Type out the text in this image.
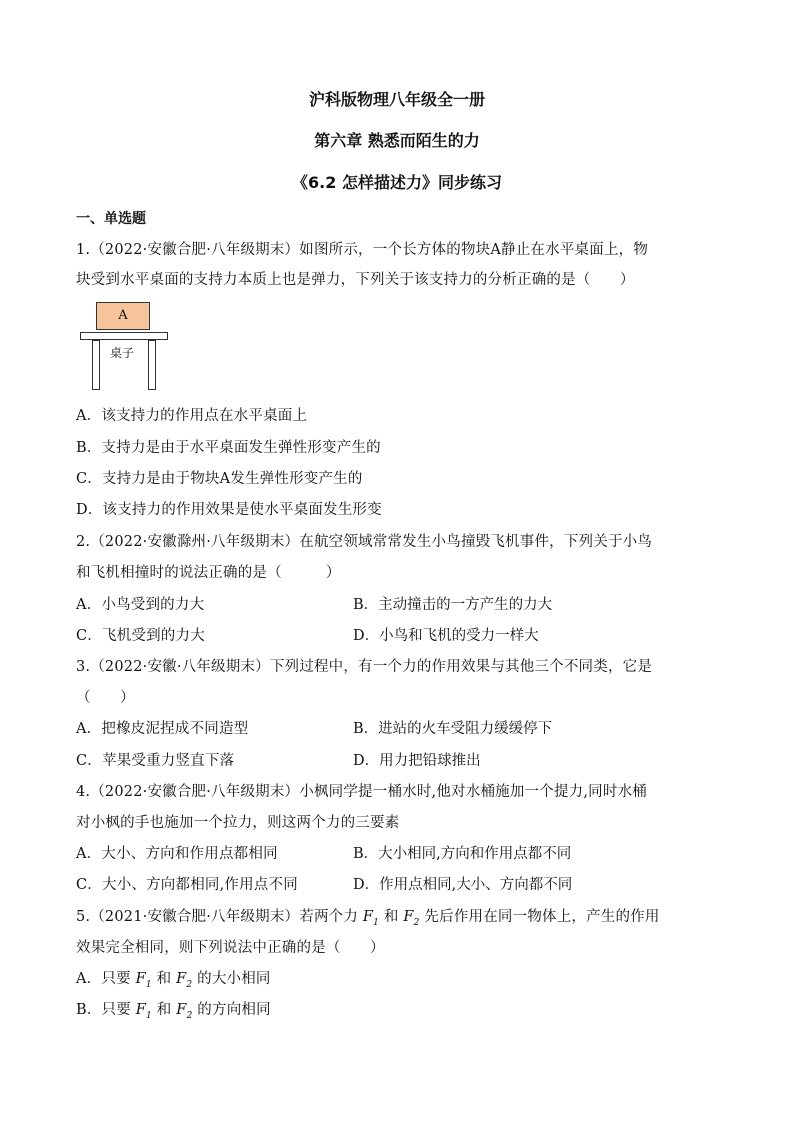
沪科版物理八年级全一册
第六章 熟悉而陌生的力
《6.2 怎样描述力》同步练习
一、单选题
1.（2022·安徽合肥·八年级期末）如图所示，一个长方体的物块A静止在水平桌面上，物
块受到水平桌面的支持力本质上也是弹力，下列关于该支持力的分析正确的是（　　）
A
桌子
A．该支持力的作用点在水平桌面上
B．支持力是由于水平桌面发生弹性形变产生的
C．支持力是由于物块A发生弹性形变产生的
D．该支持力的作用效果是使水平桌面发生形变
2.（2022·安徽滁州·八年级期末）在航空领域常常发生小鸟撞毁飞机事件，下列关于小鸟
和飞机相撞时的说法正确的是（　　　）
A．小鸟受到的力大	B．主动撞击的一方产生的力大
C．飞机受到的力大	D．小鸟和飞机的受力一样大
3.（2022·安徽·八年级期末）下列过程中，有一个力的作用效果与其他三个不同类，它是
（　　）
A．把橡皮泥捏成不同造型	B．进站的火车受阻力缓缓停下
C．苹果受重力竖直下落	D．用力把铅球推出
4.（2022·安徽合肥·八年级期末）小枫同学提一桶水时,他对水桶施加一个提力,同时水桶
对小枫的手也施加一个拉力，则这两个力的三要素
A．大小、方向和作用点都相同	B．大小相同,方向和作用点都不同
C．大小、方向都相同,作用点不同	D．作用点相同,大小、方向都不同
5.（2021·安徽合肥·八年级期末）若两个力 $F_1$ 和 $F_2$ 先后作用在同一物体上，产生的作用
效果完全相同，则下列说法中正确的是（　　）
A．只要 $F_1$ 和 $F_2$ 的大小相同
B．只要 $F_1$ 和 $F_2$ 的方向相同
